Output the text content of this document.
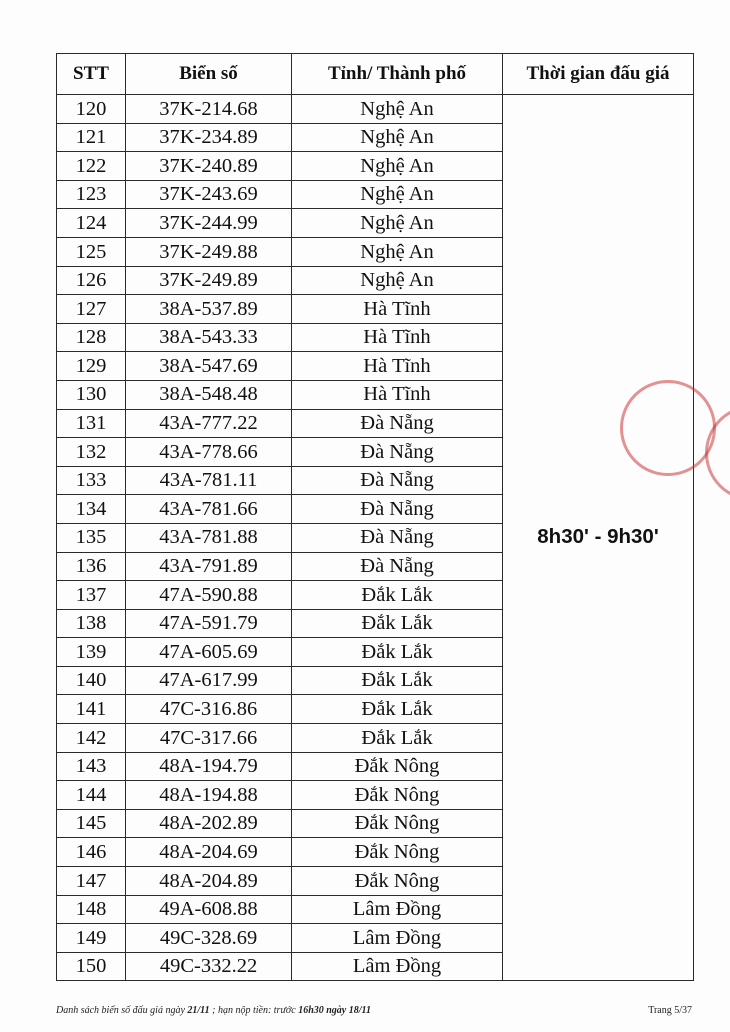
STT	Biển số	Tỉnh/ Thành phố	Thời gian đấu giá
120	37K-214.68	Nghệ An	8h30' - 9h30'
121	37K-234.89	Nghệ An	
122	37K-240.89	Nghệ An	
123	37K-243.69	Nghệ An	
124	37K-244.99	Nghệ An	
125	37K-249.88	Nghệ An	
126	37K-249.89	Nghệ An	
127	38A-537.89	Hà Tĩnh	
128	38A-543.33	Hà Tĩnh	
129	38A-547.69	Hà Tĩnh	
130	38A-548.48	Hà Tĩnh	
131	43A-777.22	Đà Nẵng	
132	43A-778.66	Đà Nẵng	
133	43A-781.11	Đà Nẵng	
134	43A-781.66	Đà Nẵng	
135	43A-781.88	Đà Nẵng	
136	43A-791.89	Đà Nẵng	
137	47A-590.88	Đắk Lắk	
138	47A-591.79	Đắk Lắk	
139	47A-605.69	Đắk Lắk	
140	47A-617.99	Đắk Lắk	
141	47C-316.86	Đắk Lắk	
142	47C-317.66	Đắk Lắk	
143	48A-194.79	Đắk Nông	
144	48A-194.88	Đắk Nông	
145	48A-202.89	Đắk Nông	
146	48A-204.69	Đắk Nông	
147	48A-204.89	Đắk Nông	
148	49A-608.88	Lâm Đồng	
149	49C-328.69	Lâm Đồng	
150	49C-332.22	Lâm Đồng	
Danh sách biển số đấu giá ngày 21/11 ; hạn nộp tiền: trước 16h30 ngày 18/11	Trang 5/37
